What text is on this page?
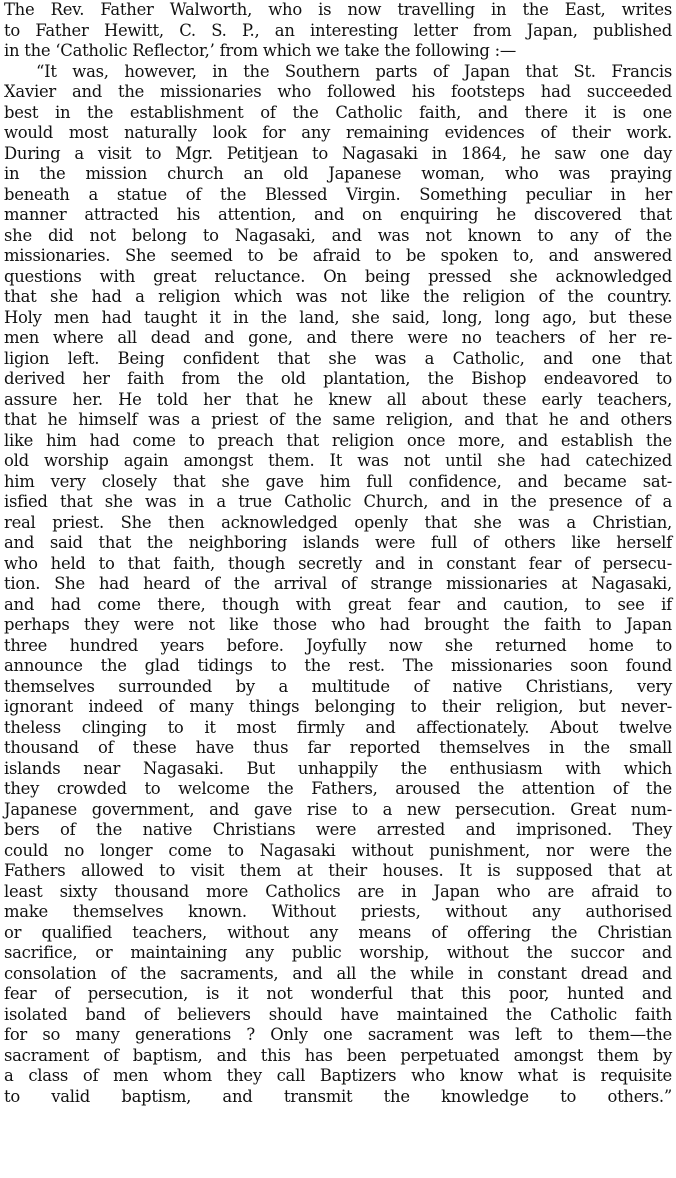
The Rev. Father Walworth, who is now travelling in the East, writes
to Father Hewitt, C. S. P., an interesting letter from Japan, published
in the ‘Catholic Reflector,’ from which we take the following :—
“It was, however, in the Southern parts of Japan that St. Francis
Xavier and the missionaries who followed his footsteps had succeeded
best in the establishment of the Catholic faith, and there it is one
would most naturally look for any remaining evidences of their work.
During a visit to Mgr. Petitjean to Nagasaki in 1864, he saw one day
in the mission church an old Japanese woman, who was praying
beneath a statue of the Blessed Virgin. Something peculiar in her
manner attracted his attention, and on enquiring he discovered that
she did not belong to Nagasaki, and was not known to any of the
missionaries. She seemed to be afraid to be spoken to, and answered
questions with great reluctance. On being pressed she acknowledged
that she had a religion which was not like the religion of the country.
Holy men had taught it in the land, she said, long, long ago, but these
men where all dead and gone, and there were no teachers of her re-
ligion left. Being confident that she was a Catholic, and one that
derived her faith from the old plantation, the Bishop endeavored to
assure her. He told her that he knew all about these early teachers,
that he himself was a priest of the same religion, and that he and others
like him had come to preach that religion once more, and establish the
old worship again amongst them. It was not until she had catechized
him very closely that she gave him full confidence, and became sat-
isfied that she was in a true Catholic Church, and in the presence of a
real priest. She then acknowledged openly that she was a Christian,
and said that the neighboring islands were full of others like herself
who held to that faith, though secretly and in constant fear of persecu-
tion. She had heard of the arrival of strange missionaries at Nagasaki,
and had come there, though with great fear and caution, to see if
perhaps they were not like those who had brought the faith to Japan
three hundred years before. Joyfully now she returned home to
announce the glad tidings to the rest. The missionaries soon found
themselves surrounded by a multitude of native Christians, very
ignorant indeed of many things belonging to their religion, but never-
theless clinging to it most firmly and affectionately. About twelve
thousand of these have thus far reported themselves in the small
islands near Nagasaki. But unhappily the enthusiasm with which
they crowded to welcome the Fathers, aroused the attention of the
Japanese government, and gave rise to a new persecution. Great num-
bers of the native Christians were arrested and imprisoned. They
could no longer come to Nagasaki without punishment, nor were the
Fathers allowed to visit them at their houses. It is supposed that at
least sixty thousand more Catholics are in Japan who are afraid to
make themselves known. Without priests, without any authorised
or qualified teachers, without any means of offering the Christian
sacrifice, or maintaining any public worship, without the succor and
consolation of the sacraments, and all the while in constant dread and
fear of persecution, is it not wonderful that this poor, hunted and
isolated band of believers should have maintained the Catholic faith
for so many generations ? Only one sacrament was left to them—the
sacrament of baptism, and this has been perpetuated amongst them by
a class of men whom they call Baptizers who know what is requisite
to valid baptism, and transmit the knowledge to others.”
